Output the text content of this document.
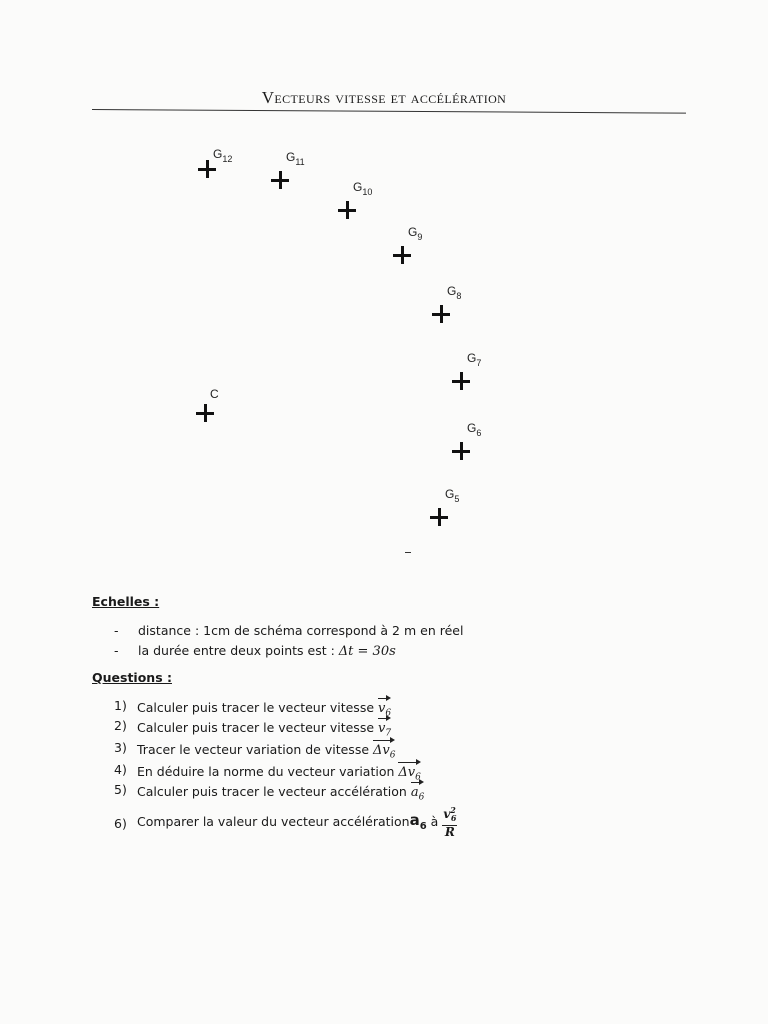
Vecteurs vitesse et accélération
$G_{12}$	$G_{11}$
$G_{10}$
$G_9$
$G_8$
$G_7$
$G_6$
$G_5$
C
Echelles :
- distance : 1cm de schéma correspond à 2 m en réel
- la durée entre deux points est : Δt = 30s
Questions :
1) Calculer puis tracer le vecteur vitesse $v_6$
2) Calculer puis tracer le vecteur vitesse $v_7$
3) Tracer le vecteur variation de vitesse $\Delta v_6$
4) En déduire la norme du vecteur variation $\Delta v_6$
5) Calculer puis tracer le vecteur accélération $a_6$
6) Comparer la valeur du vecteur accélérationa$_6$ à $\frac{v^2_6}{R}$
